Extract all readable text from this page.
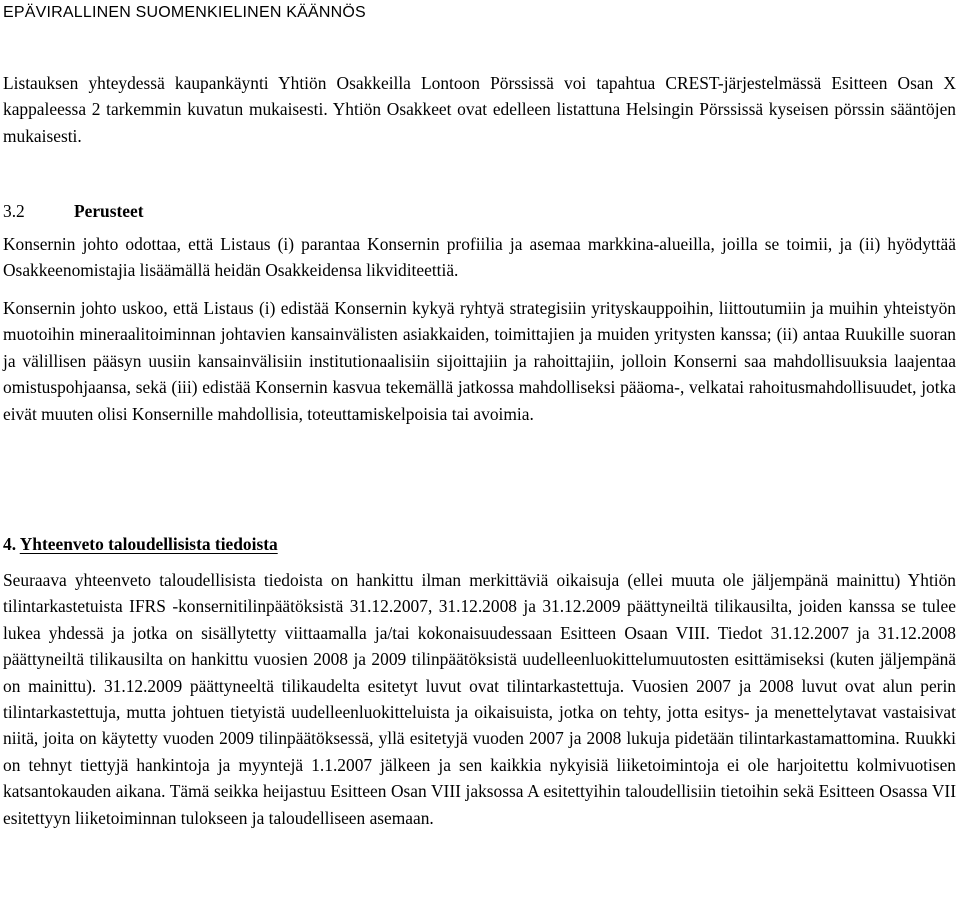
EPÄVIRALLINEN SUOMENKIELINEN KÄÄNNÖS

Listauksen yhteydessä kaupankäynti Yhtiön Osakkeilla Lontoon Pörssissä voi tapahtua CREST-järjestelmässä Esitteen Osan X kappaleessa 2 tarkemmin kuvatun mukaisesti. Yhtiön Osakkeet ovat edelleen listattuna Helsingin Pörssissä kyseisen pörssin sääntöjen mukaisesti.

3.2	Perusteet

Konsernin johto odottaa, että Listaus (i) parantaa Konsernin profiilia ja asemaa markkina-alueilla, joilla se toimii, ja (ii) hyödyttää Osakkeenomistajia lisäämällä heidän Osakkeidensa likviditeettiä.

Konsernin johto uskoo, että Listaus (i) edistää Konsernin kykyä ryhtyä strategisiin yrityskauppoihin, liittoutumiin ja muihin yhteistyön muotoihin mineraalitoiminnan johtavien kansainvälisten asiakkaiden, toimittajien ja muiden yritysten kanssa; (ii) antaa Ruukille suoran ja välillisen pääsyn uusiin kansainvälisiin institutionaalisiin sijoittajiin ja rahoittajiin, jolloin Konserni saa mahdollisuuksia laajentaa omistuspohjaansa, sekä (iii) edistää Konsernin kasvua tekemällä jatkossa mahdolliseksi pääoma-, velkatai rahoitusmahdollisuudet, jotka eivät muuten olisi Konsernille mahdollisia, toteuttamiskelpoisia tai avoimia.

4. Yhteenveto taloudellisista tiedoista

Seuraava yhteenveto taloudellisista tiedoista on hankittu ilman merkittäviä oikaisuja (ellei muuta ole jäljempänä mainittu) Yhtiön tilintarkastetuista IFRS -konsernitilinpäätöksistä 31.12.2007, 31.12.2008 ja 31.12.2009 päättyneiltä tilikausilta, joiden kanssa se tulee lukea yhdessä ja jotka on sisällytetty viittaamalla ja/tai kokonaisuudessaan Esitteen Osaan VIII. Tiedot 31.12.2007 ja 31.12.2008 päättyneiltä tilikausilta on hankittu vuosien 2008 ja 2009 tilinpäätöksistä uudelleenluokittelumuutosten esittämiseksi (kuten jäljempänä on mainittu). 31.12.2009 päättyneeltä tilikaudelta esitetyt luvut ovat tilintarkastettuja. Vuosien 2007 ja 2008 luvut ovat alun perin tilintarkastettuja, mutta johtuen tietyistä uudelleenluokitteluista ja oikaisuista, jotka on tehty, jotta esitys- ja menettelytavat vastaisivat niitä, joita on käytetty vuoden 2009 tilinpäätöksessä, yllä esitetyjä vuoden 2007 ja 2008 lukuja pidetään tilintarkastamattomina. Ruukki on tehnyt tiettyjä hankintoja ja myyntejä 1.1.2007 jälkeen ja sen kaikkia nykyisiä liiketoimintoja ei ole harjoitettu kolmivuotisen katsantokauden aikana. Tämä seikka heijastuu Esitteen Osan VIII jaksossa A esitettyihin taloudellisiin tietoihin sekä Esitteen Osassa VII esitettyyn liiketoiminnan tulokseen ja taloudelliseen asemaan.
